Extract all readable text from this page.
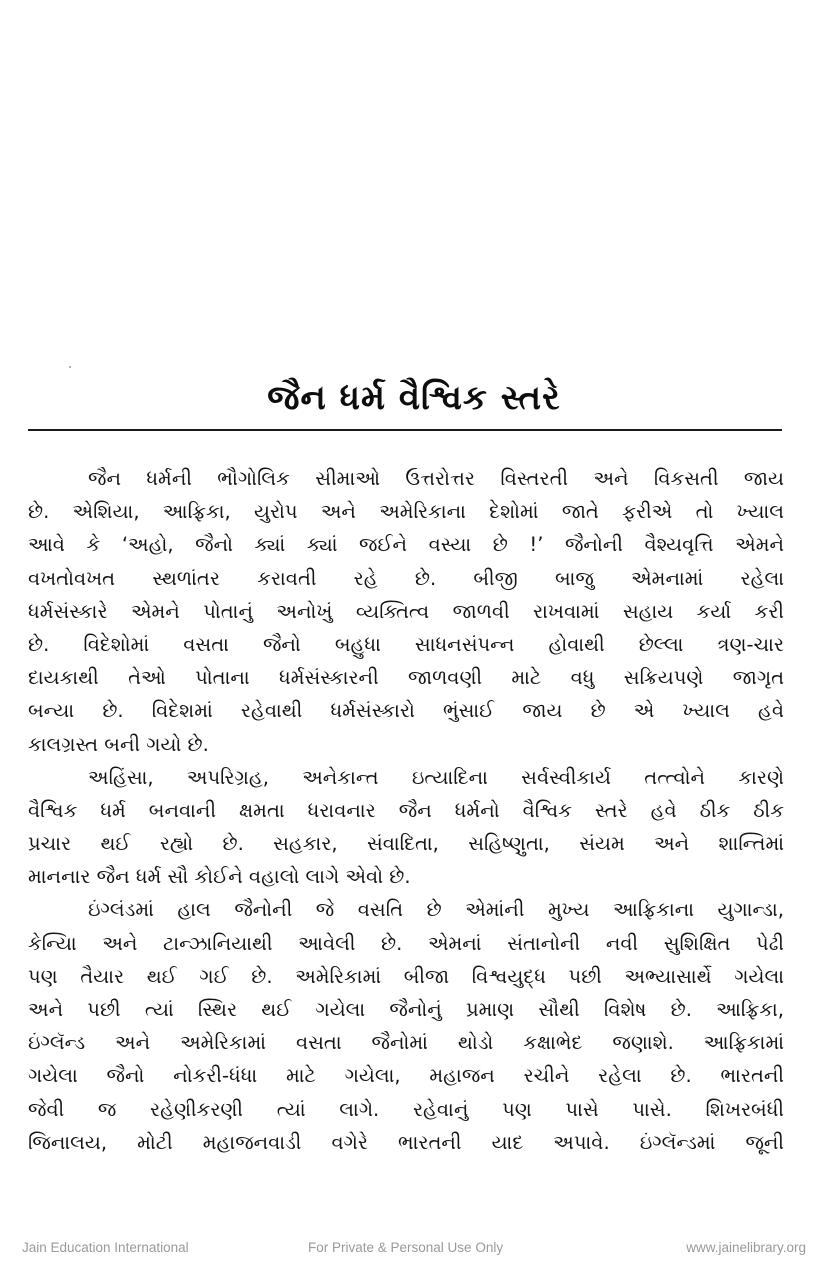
જૈન ધર્મ વૈશ્વિક સ્તરે
જૈન ધર્મની ભૌગોલિક સીમાઓ ઉત્તરોત્તર વિસ્તરતી અને વિકસતી જાય
છે. એશિયા, આફ્રિકા, યુરોપ અને અમેરિકાના દેશોમાં જાતે ફરીએ તો ખ્યાલ
આવે કે ‘અહો, જૈનો ક્યાં ક્યાં જઈને વસ્યા છે !’ જૈનોની વૈશ્યવૃત્તિ એમને
વખતોવખત સ્થળાંતર કરાવતી રહે છે. બીજી બાજુ એમનામાં રહેલા
ધર્મસંસ્કારે એમને પોતાનું અનોખું વ્યક્તિત્વ જાળવી રાખવામાં સહાય કર્યા કરી
છે. વિદેશોમાં વસતા જૈનો બહુધા સાધનસંપન્ન હોવાથી છેલ્લા ત્રણ-ચાર
દાયકાથી તેઓ પોતાના ધર્મસંસ્કારની જાળવણી માટે વધુ સક્રિયપણે જાગૃત
બન્યા છે. વિદેશમાં રહેવાથી ધર્મસંસ્કારો ભુંસાઈ જાય છે એ ખ્યાલ હવે
કાલગ્રસ્ત બની ગયો છે.
અહિંસા, અપરિગ્રહ, અનેકાન્ત ઇત્યાદિના સર્વસ્વીકાર્ય તત્ત્વોને કારણે
વૈશ્વિક ધર્મ બનવાની ક્ષમતા ધરાવનાર જૈન ધર્મનો વૈશ્વિક સ્તરે હવે ઠીક ઠીક
પ્રચાર થઈ રહ્યો છે. સહકાર, સંવાદિતા, સહિષ્ણુતા, સંયમ અને શાન્તિમાં
માનનાર જૈન ધર્મ સૌ કોઈને વહાલો લાગે એવો છે.
ઇંગ્લંડમાં હાલ જૈનોની જે વસતિ છે એમાંની મુખ્ય આફ્રિકાના યુગાન્ડા,
કેન્યિા અને ટાન્ઝાનિયાથી આવેલી છે. એમનાં સંતાનોની નવી સુશિક્ષિત પેઢી
પણ તૈયાર થઈ ગઈ છે. અમેરિકામાં બીજા વિશ્વયુદ્ધ પછી અભ્યાસાર્થે ગયેલા
અને પછી ત્યાં સ્થિર થઈ ગયેલા જૈનોનું પ્રમાણ સૌથી વિશેષ છે. આફ્રિકા,
ઇંગ્લૅન્ડ અને અમેરિકામાં વસતા જૈનોમાં થોડો કક્ષાભેદ જણાશે. આફ્રિકામાં
ગયેલા જૈનો નોકરી-ધંધા માટે ગયેલા, મહાજન રચીને રહેલા છે. ભારતની
જેવી જ રહેણીકરણી ત્યાં લાગે. રહેવાનું પણ પાસે પાસે. શિખરબંધી
જિનાલય, મોટી મહાજનવાડી વગેરે ભારતની યાદ અપાવે. ઇંગ્લૅન્ડમાં જૂની
Jain Education International	For Private & Personal Use Only	www.jainelibrary.org
